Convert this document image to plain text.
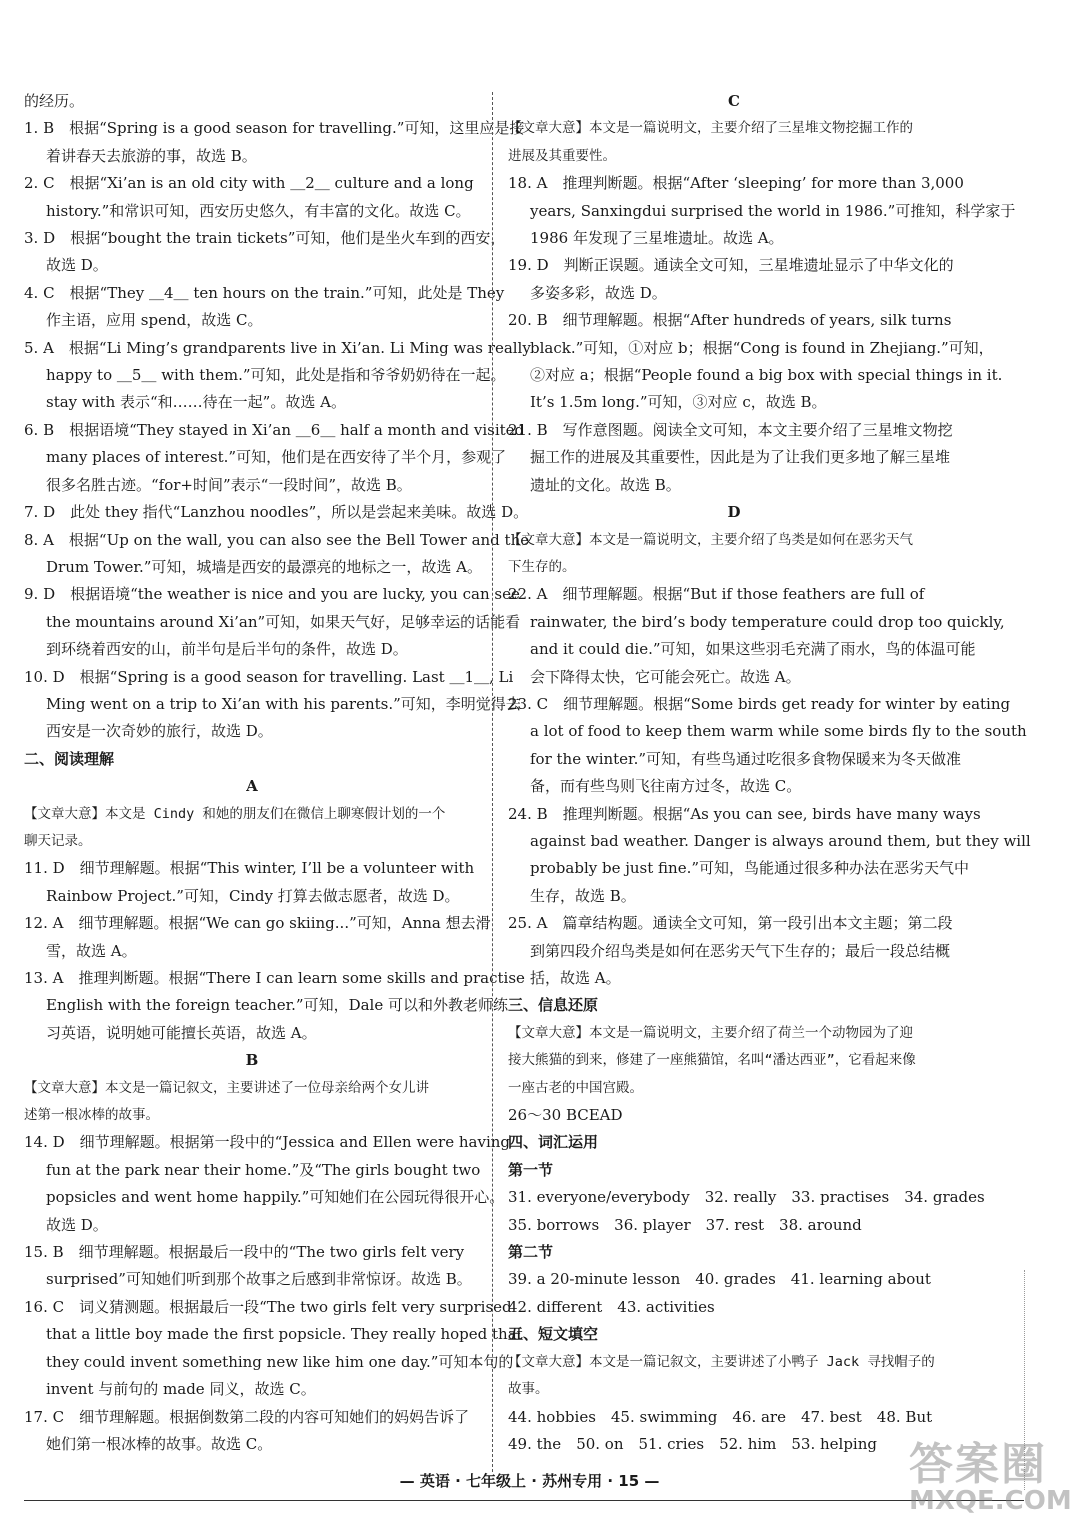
的经历。
1. B　根据“Spring is a good season for travelling.”可知，这里应是接
着讲春天去旅游的事，故选 B。
2. C　根据“Xi’an is an old city with ＿2＿ culture and a long
history.”和常识可知，西安历史悠久，有丰富的文化。故选 C。
3. D　根据“bought the train tickets”可知，他们是坐火车到的西安，
故选 D。
4. C　根据“They ＿4＿ ten hours on the train.”可知，此处是 They
作主语，应用 spend，故选 C。
5. A　根据“Li Ming’s grandparents live in Xi’an. Li Ming was really
happy to ＿5＿ with them.”可知，此处是指和爷爷奶奶待在一起。
stay with 表示“和……待在一起”。故选 A。
6. B　根据语境“They stayed in Xi’an ＿6＿ half a month and visited
many places of interest.”可知，他们是在西安待了半个月，参观了
很多名胜古迹。“for+时间”表示“一段时间”，故选 B。
7. D　此处 they 指代“Lanzhou noodles”，所以是尝起来美味。故选 D。
8. A　根据“Up on the wall, you can also see the Bell Tower and the
Drum Tower.”可知，城墙是西安的最漂亮的地标之一，故选 A。
9. D　根据语境“the weather is nice and you are lucky, you can see
the mountains around Xi’an”可知，如果天气好，足够幸运的话能看
到环绕着西安的山，前半句是后半句的条件，故选 D。
10. D　根据“Spring is a good season for travelling. Last ＿1＿, Li
Ming went on a trip to Xi’an with his parents.”可知，李明觉得去
西安是一次奇妙的旅行，故选 D。
二、阅读理解
A
【文章大意】本文是 Cindy 和她的朋友们在微信上聊寒假计划的一个
聊天记录。
11. D　细节理解题。根据“This winter, I’ll be a volunteer with
Rainbow Project.”可知，Cindy 打算去做志愿者，故选 D。
12. A　细节理解题。根据“We can go skiing...”可知，Anna 想去滑
雪，故选 A。
13. A　推理判断题。根据“There I can learn some skills and practise
English with the foreign teacher.”可知，Dale 可以和外教老师练
习英语，说明她可能擅长英语，故选 A。
B
【文章大意】本文是一篇记叙文，主要讲述了一位母亲给两个女儿讲
述第一根冰棒的故事。
14. D　细节理解题。根据第一段中的“Jessica and Ellen were having
fun at the park near their home.”及“The girls bought two
popsicles and went home happily.”可知她们在公园玩得很开心。
故选 D。
15. B　细节理解题。根据最后一段中的“The two girls felt very
surprised”可知她们听到那个故事之后感到非常惊讶。故选 B。
16. C　词义猜测题。根据最后一段“The two girls felt very surprised
that a little boy made the first popsicle. They really hoped that
they could invent something new like him one day.”可知本句的
invent 与前句的 made 同义，故选 C。
17. C　细节理解题。根据倒数第二段的内容可知她们的妈妈告诉了
她们第一根冰棒的故事。故选 C。
C
【文章大意】本文是一篇说明文，主要介绍了三星堆文物挖掘工作的
进展及其重要性。
18. A　推理判断题。根据“After ‘sleeping’ for more than 3,000
years, Sanxingdui surprised the world in 1986.”可推知，科学家于
1986 年发现了三星堆遗址。故选 A。
19. D　判断正误题。通读全文可知，三星堆遗址显示了中华文化的
多姿多彩，故选 D。
20. B　细节理解题。根据“After hundreds of years, silk turns
black.”可知，①对应 b；根据“Cong is found in Zhejiang.”可知，
②对应 a；根据“People found a big box with special things in it.
It’s 1.5m long.”可知，③对应 c，故选 B。
21. B　写作意图题。阅读全文可知，本文主要介绍了三星堆文物挖
掘工作的进展及其重要性，因此是为了让我们更多地了解三星堆
遗址的文化。故选 B。
D
【文章大意】本文是一篇说明文，主要介绍了鸟类是如何在恶劣天气
下生存的。
22. A　细节理解题。根据“But if those feathers are full of
rainwater, the bird’s body temperature could drop too quickly,
and it could die.”可知，如果这些羽毛充满了雨水，鸟的体温可能
会下降得太快，它可能会死亡。故选 A。
23. C　细节理解题。根据“Some birds get ready for winter by eating
a lot of food to keep them warm while some birds fly to the south
for the winter.”可知，有些鸟通过吃很多食物保暖来为冬天做准
备，而有些鸟则飞往南方过冬，故选 C。
24. B　推理判断题。根据“As you can see, birds have many ways
against bad weather. Danger is always around them, but they will
probably be just fine.”可知，鸟能通过很多种办法在恶劣天气中
生存，故选 B。
25. A　篇章结构题。通读全文可知，第一段引出本文主题；第二段
到第四段介绍鸟类是如何在恶劣天气下生存的；最后一段总结概
括，故选 A。
三、信息还原
【文章大意】本文是一篇说明文，主要介绍了荷兰一个动物园为了迎
接大熊猫的到来，修建了一座熊猫馆，名叫“潘达西亚”，它看起来像
一座古老的中国宫殿。
26～30 BCEAD
四、词汇运用
第一节
31. everyone/everybody　32. really　33. practises　34. grades
35. borrows　36. player　37. rest　38. around
第二节
39. a 20-minute lesson　40. grades　41. learning about
42. different　43. activities
五、短文填空
【文章大意】本文是一篇记叙文，主要讲述了小鸭子 Jack 寻找帽子的
故事。
44. hobbies　45. swimming　46. are　47. best　48. But
49. the　50. on　51. cries　52. him　53. helping
— 英语 · 七年级上 · 苏州专用 · 15 —	答案圈
MXQE.COM
